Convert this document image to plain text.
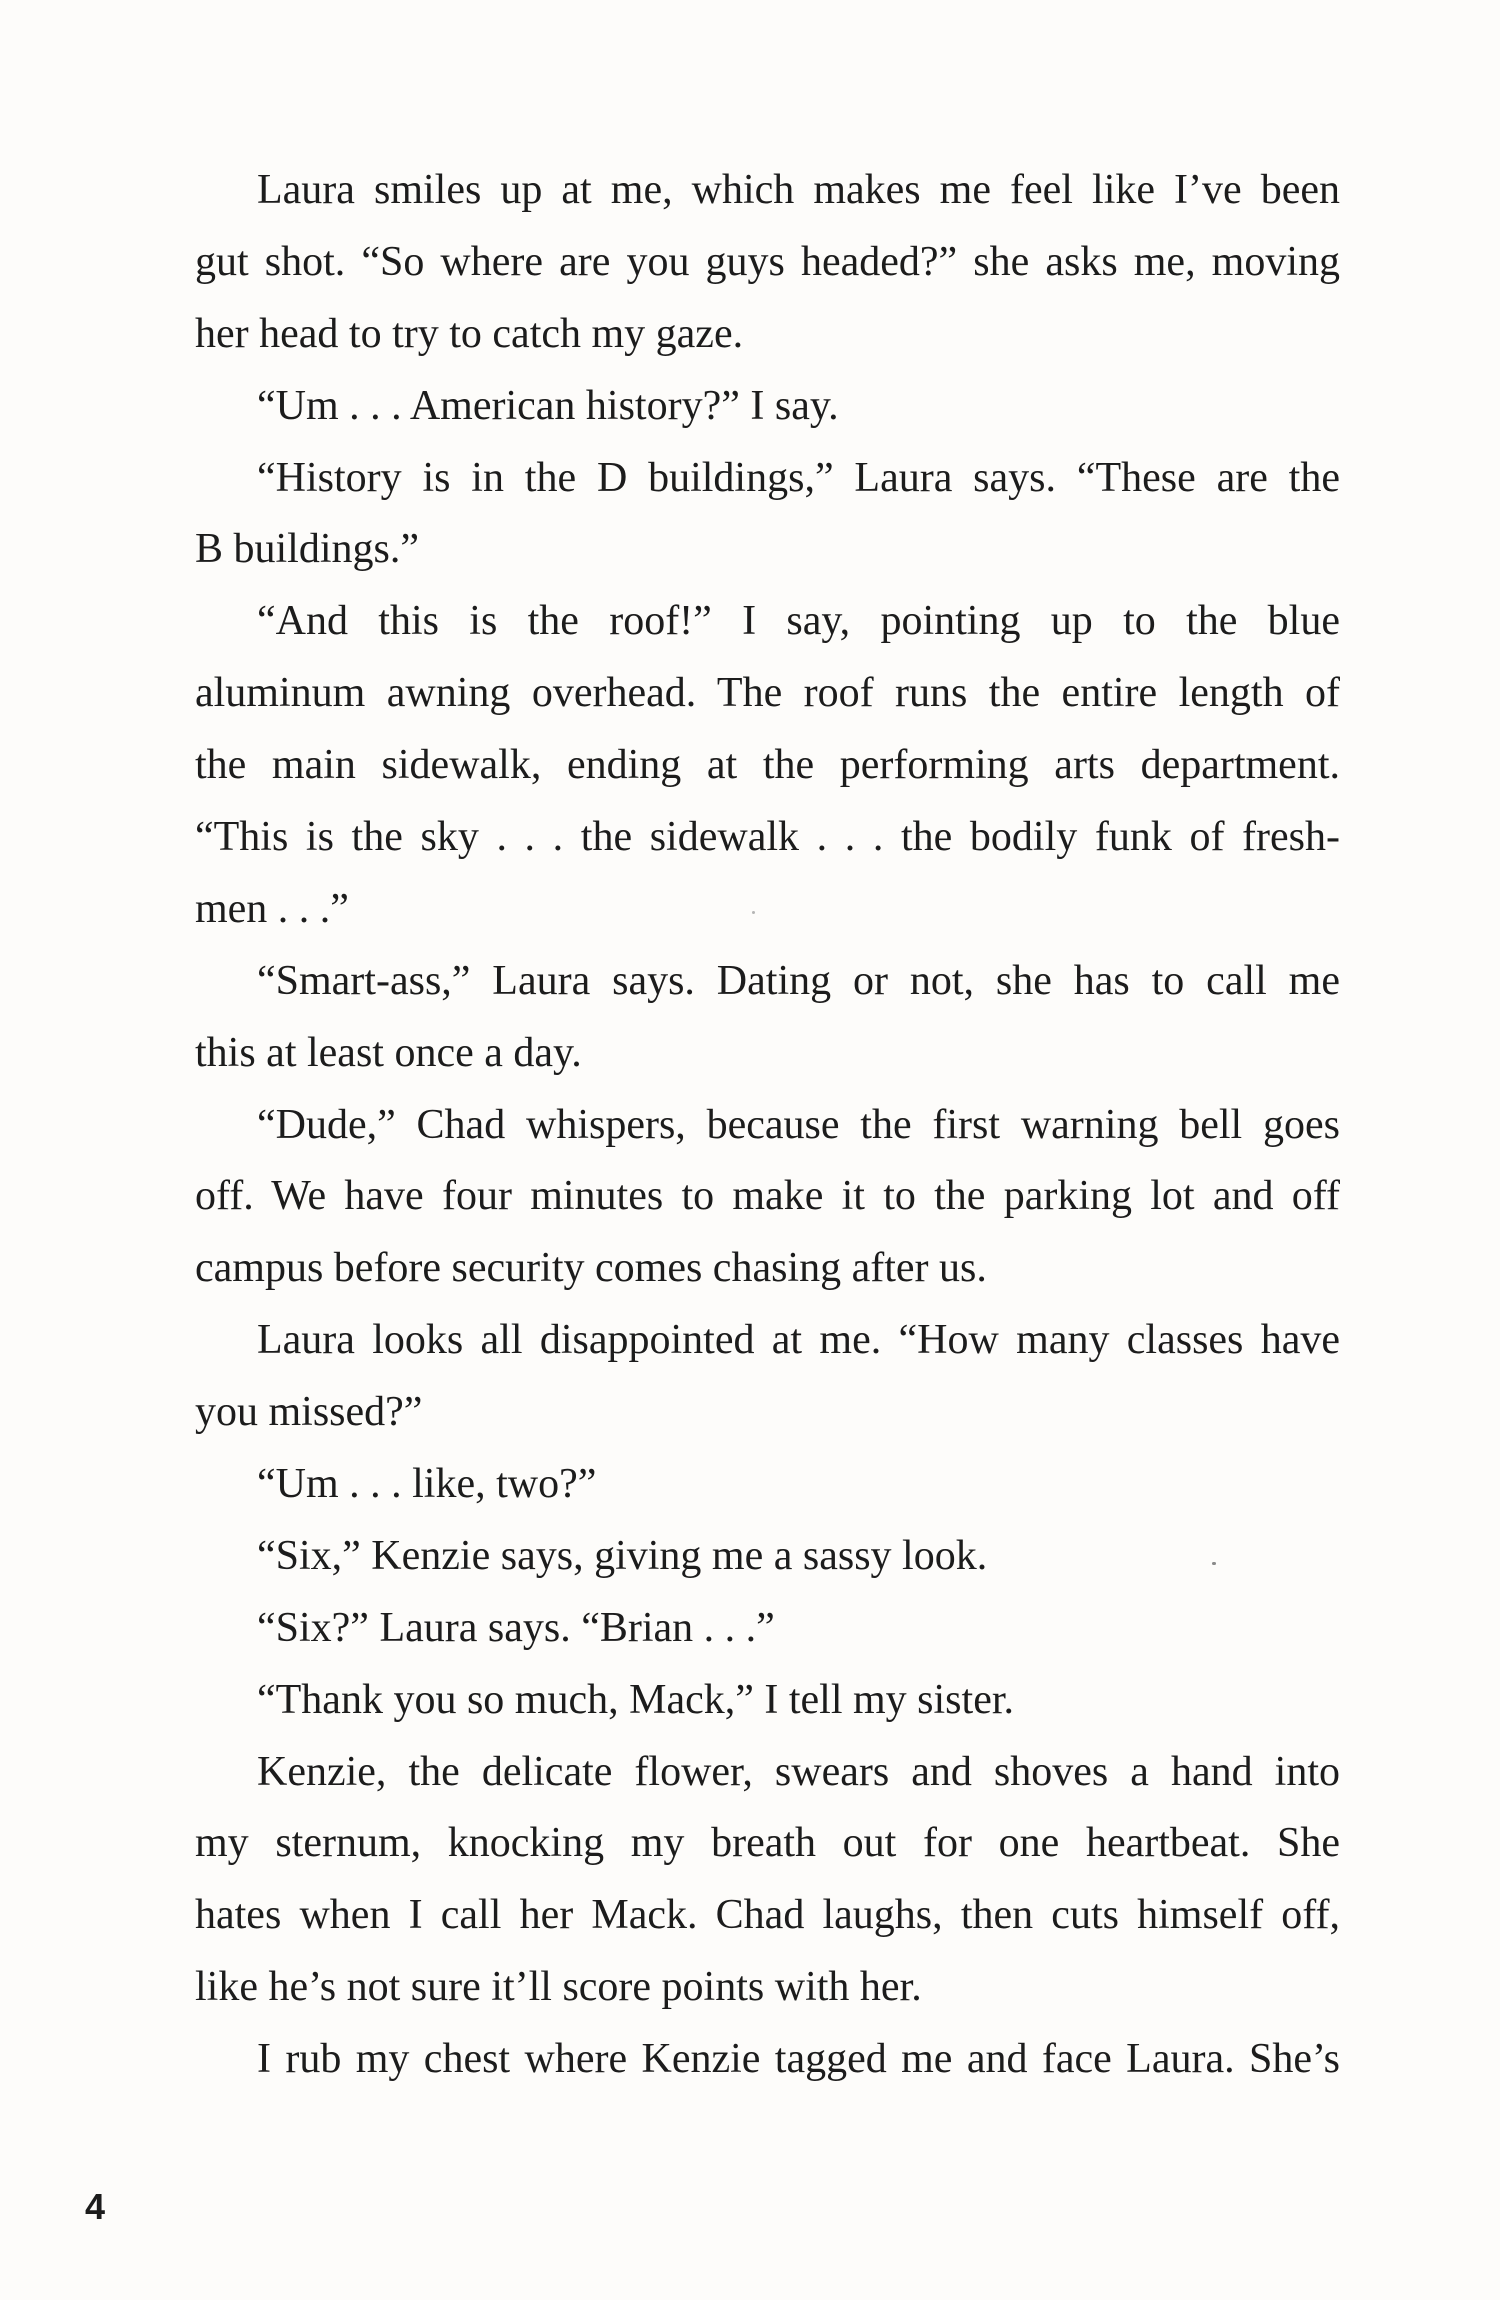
Laura smiles up at me, which makes me feel like I’ve been
gut shot. “So where are you guys headed?” she asks me, moving
her head to try to catch my gaze.
“Um . . . American history?” I say.
“History is in the D buildings,” Laura says. “These are the
B buildings.”
“And this is the roof!” I say, pointing up to the blue
aluminum awning overhead. The roof runs the entire length of
the main sidewalk, ending at the performing arts department.
“This is the sky . . . the sidewalk . . . the bodily funk of fresh-
men . . .”
“Smart-ass,” Laura says. Dating or not, she has to call me
this at least once a day.
“Dude,” Chad whispers, because the first warning bell goes
off. We have four minutes to make it to the parking lot and off
campus before security comes chasing after us.
Laura looks all disappointed at me. “How many classes have
you missed?”
“Um . . . like, two?”
“Six,” Kenzie says, giving me a sassy look.
“Six?” Laura says. “Brian . . .”
“Thank you so much, Mack,” I tell my sister.
Kenzie, the delicate flower, swears and shoves a hand into
my sternum, knocking my breath out for one heartbeat. She
hates when I call her Mack. Chad laughs, then cuts himself off,
like he’s not sure it’ll score points with her.
I rub my chest where Kenzie tagged me and face Laura. She’s
4
